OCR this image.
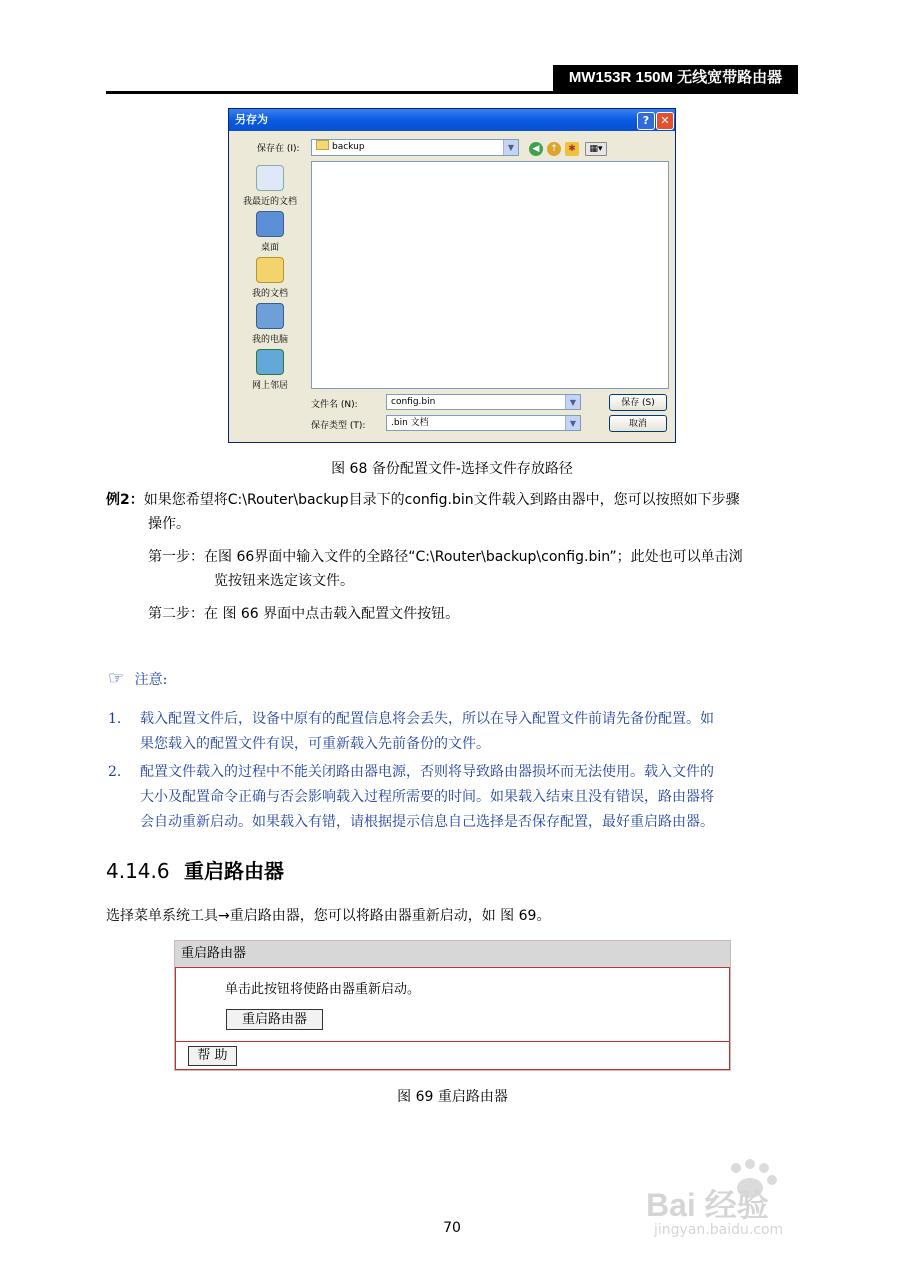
MW153R 150M 无线宽带路由器
另存为	?	✕
保存在 (I):	backup	▼	◀	↑	✱	▦▾
我最近的文档
桌面
我的文档
我的电脑
网上邻居
文件名 (N):	config.bin	▼
保存类型 (T):	.bin 文档	▼
保存 (S)
取消
图 68 备份配置文件-选择文件存放路径
例2：如果您希望将C:\Router\backup目录下的config.bin文件载入到路由器中，您可以按照如下步骤
操作。
第一步：在图 66界面中输入文件的全路径“C:\Router\backup\config.bin”；此处也可以单击浏
览按钮来选定该文件。
第二步：在 图 66 界面中点击载入配置文件按钮。
☞ 注意:
1. 载入配置文件后，设备中原有的配置信息将会丢失，所以在导入配置文件前请先备份配置。如
果您载入的配置文件有误，可重新载入先前备份的文件。
2. 配置文件载入的过程中不能关闭路由器电源，否则将导致路由器损坏而无法使用。载入文件的
大小及配置命令正确与否会影响载入过程所需要的时间。如果载入结束且没有错误，路由器将
会自动重新启动。如果载入有错，请根据提示信息自己选择是否保存配置，最好重启路由器。
4.14.6 重启路由器
选择菜单系统工具→重启路由器，您可以将路由器重新启动，如 图 69。
重启路由器
单击此按钮将使路由器重新启动。
重启路由器
帮 助
图 69 重启路由器
Bai 经验
jingyan.baidu.com
70
